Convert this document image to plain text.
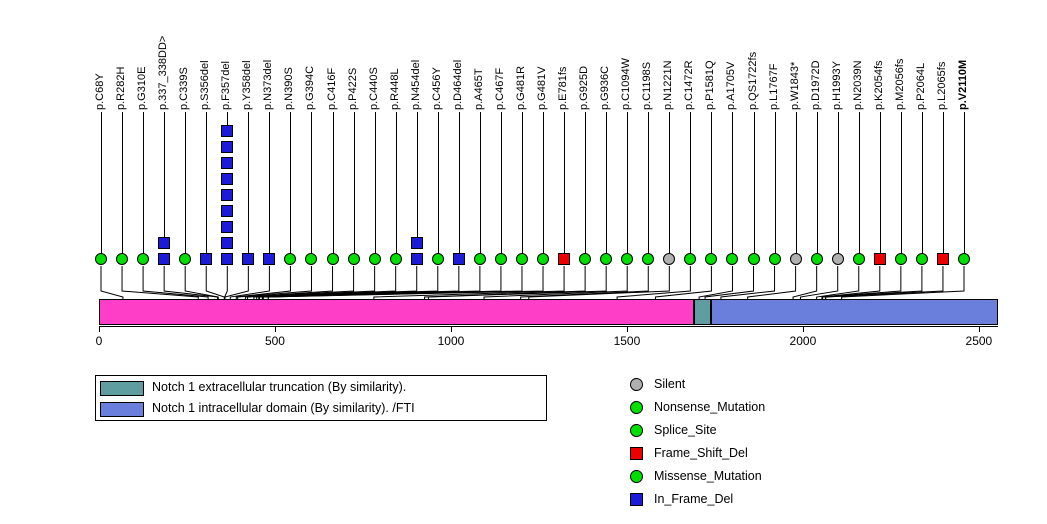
p.C68Y p.R282H p.G310E p.337_338DD> p.C339S p.S356del p.F357del p.Y358del p.N373del p.N390S p.G394C p.C416F p.P422S p.C440S p.R448L p.N454del p.C456Y p.D464del p.A465T p.C467F p.G481R p.G481V p.E781fs p.G925D p.G936C p.C1094W p.C1198S p.N1221N p.C1472R p.P1581Q p.A1705V p.QS1722fs p.L1767F p.W1843* p.D1972D p.H1993Y p.N2039N p.K2054fs p.M2056fs p.P2064L p.L2065fs p.V2110M
0	500	1000	1500	2000	2500
Notch 1 extracellular truncation (By similarity).
Notch 1 intracellular domain (By similarity). /FTI
Silent
Nonsense_Mutation
Splice_Site
Frame_Shift_Del
Missense_Mutation
In_Frame_Del
